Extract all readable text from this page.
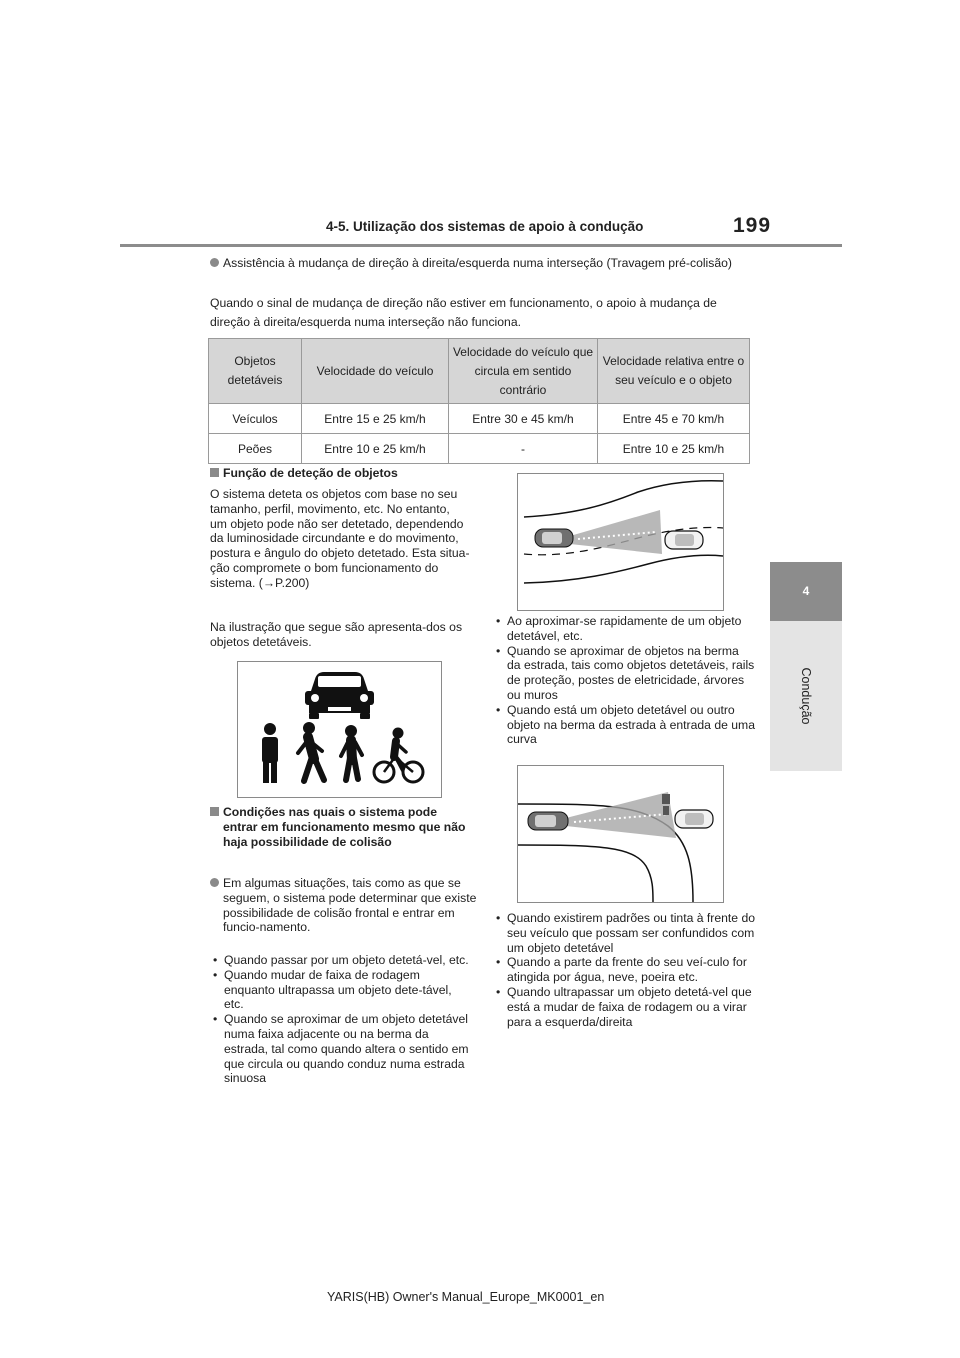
4-5. Utilização dos sistemas de apoio à condução	199
4
Condução
Assistência à mudança de direção à direita/esquerda numa interseção (Travagem pré-colisão)
Quando o sinal de mudança de direção não estiver em funcionamento, o apoio à mudança de direção à direita/esquerda numa interseção não funciona.
Objetos detetáveis	Velocidade do veículo	Velocidade do veículo que circula em sentido contrário	Velocidade relativa entre o seu veículo e o objeto
Veículos	Entre 15 e 25 km/h	Entre 30 e 45 km/h	Entre 45 e 70 km/h
Peões	Entre 10 e 25 km/h	-	Entre 10 e 25 km/h
Função de deteção de objetos
O sistema deteta os objetos com base no seu tamanho, perfil, movimento, etc. No entanto, um objeto pode não ser detetado, dependendo da luminosidade circundante e do movimento, postura e ângulo do objeto detetado. Esta situa-ção compromete o bom funcionamento do sistema. (→P.200)
Na ilustração que segue são apresenta-dos os objetos detetáveis.
Condições nas quais o sistema pode entrar em funcionamento mesmo que não haja possibilidade de colisão
Em algumas situações, tais como as que se seguem, o sistema pode determinar que existe possibilidade de colisão frontal e entrar em funcio-namento.
•  Quando passar por um objeto detetá-vel, etc.
•  Quando mudar de faixa de rodagem enquanto ultrapassa um objeto dete-tável, etc.
•  Quando se aproximar de um objeto detetável numa faixa adjacente ou na berma da estrada, tal como quando altera o sentido em que circula ou quando conduz numa estrada sinuosa
•  Ao aproximar-se rapidamente de um objeto detetável, etc.
•  Quando se aproximar de objetos na berma da estrada, tais como objetos detetáveis, rails de proteção, postes de eletricidade, árvores ou muros
•  Quando está um objeto detetável ou outro objeto na berma da estrada à entrada de uma curva
•  Quando existirem padrões ou tinta à frente do seu veículo que possam ser confundidos com um objeto detetável
•  Quando a parte da frente do seu veí-culo for atingida por água, neve, poeira etc.
•  Quando ultrapassar um objeto detetá-vel que está a mudar de faixa de rodagem ou a virar para a esquerda/direita
YARIS(HB) Owner's Manual_Europe_MK0001_en
